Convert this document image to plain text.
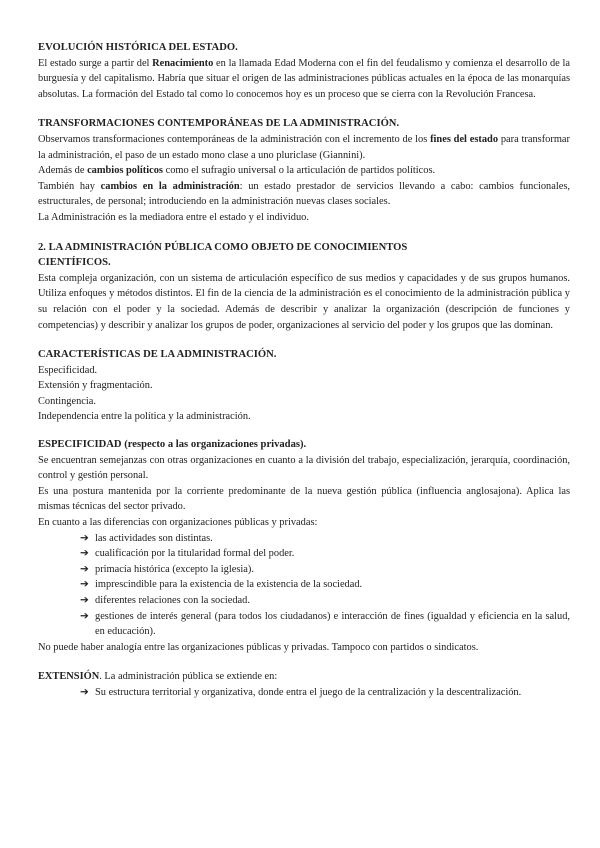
EVOLUCIÓN HISTÓRICA DEL ESTADO.

El estado surge a partir del Renacimiento en la llamada Edad Moderna con el fin del feudalismo y comienza el desarrollo de la burguesía y del capitalismo. Habría que situar el origen de las administraciones públicas actuales en la época de las monarquías absolutas. La formación del Estado tal como lo conocemos hoy es un proceso que se cierra con la Revolución Francesa.

TRANSFORMACIONES CONTEMPORÁNEAS DE LA ADMINISTRACIÓN.

Observamos transformaciones contemporáneas de la administración con el incremento de los fines del estado para transformar la administración, el paso de un estado mono clase a uno pluriclase (Giannini).

Además de cambios políticos como el sufragio universal o la articulación de partidos políticos.

También hay cambios en la administración: un estado prestador de servicios llevando a cabo: cambios funcionales, estructurales, de personal; introduciendo en la administración nuevas clases sociales.

La Administración es la mediadora entre el estado y el individuo.

2. LA ADMINISTRACIÓN PÚBLICA COMO OBJETO DE CONOCIMIENTOS
CIENTÍFICOS.

Esta compleja organización, con un sistema de articulación específico de sus medios y capacidades y de sus grupos humanos. Utiliza enfoques y métodos distintos. El fin de la ciencia de la administración es el conocimiento de la administración pública y su relación con el poder y la sociedad. Además de describir y analizar la organización (descripción de funciones y competencias) y describir y analizar los grupos de poder, organizaciones al servicio del poder y los grupos que las dominan.

CARACTERÍSTICAS DE LA ADMINISTRACIÓN.

Especificidad.

Extensión y fragmentación.

Contingencia.

Independencia entre la política y la administración.

ESPECIFICIDAD (respecto a las organizaciones privadas).

Se encuentran semejanzas con otras organizaciones en cuanto a la división del trabajo, especialización, jerarquía, coordinación, control y gestión personal.

Es una postura mantenida por la corriente predominante de la nueva gestión pública (influencia anglosajona). Aplica las mismas técnicas del sector privado.

En cuanto a las diferencias con organizaciones públicas y privadas:

➔ las actividades son distintas.
➔ cualificación por la titularidad formal del poder.
➔ primacía histórica (excepto la iglesia).
➔ imprescindible para la existencia de la existencia de la sociedad.
➔ diferentes relaciones con la sociedad.
➔ gestiones de interés general (para todos los ciudadanos) e interacción de fines (igualdad y eficiencia en la salud, en educación).

No puede haber analogía entre las organizaciones públicas y privadas. Tampoco con partidos o sindicatos.

EXTENSIÓN. La administración pública se extiende en:

➔ Su estructura territorial y organizativa, donde entra el juego de la centralización y la descentralización.
